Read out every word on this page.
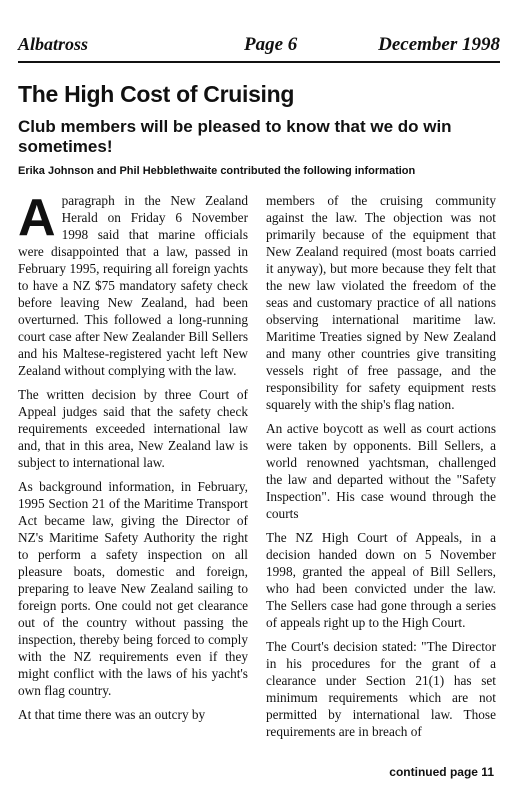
Albatross	Page 6	December 1998
The High Cost of Cruising
Club members will be pleased to know that we do win sometimes!
Erika Johnson and Phil Hebblethwaite contributed the following information

Aparagraph in the New Zealand Herald on Friday 6 November 1998 said that marine officials were disappointed that a law, passed in February 1995, requiring all foreign yachts to have a NZ $75 mandatory safety check before leaving New Zealand, had been overturned. This followed a long-running court case after New Zealander Bill Sellers and his Maltese-registered yacht left New Zealand without complying with the law.

The written decision by three Court of Appeal judges said that the safety check requirements exceeded international law and, that in this area, New Zealand law is subject to international law.

As background information, in February, 1995 Section 21 of the Maritime Transport Act became law, giving the Director of NZ's Maritime Safety Authority the right to perform a safety inspection on all pleasure boats, domestic and foreign, preparing to leave New Zealand sailing to foreign ports. One could not get clearance out of the country without passing the inspection, thereby being forced to comply with the NZ requirements even if they might conflict with the laws of his yacht's own flag country.

At that time there was an outcry by

members of the cruising community against the law. The objection was not primarily because of the equipment that New Zealand required (most boats carried it anyway), but more because they felt that the new law violated the freedom of the seas and customary practice of all nations observing international maritime law. Maritime Treaties signed by New Zealand and many other countries give transiting vessels right of free passage, and the responsibility for safety equipment rests squarely with the ship's flag nation.

An active boycott as well as court actions were taken by opponents. Bill Sellers, a world renowned yachtsman, challenged the law and departed without the "Safety Inspection". His case wound through the courts

The NZ High Court of Appeals, in a decision handed down on 5 November 1998, granted the appeal of Bill Sellers, who had been convicted under the law. The Sellers case had gone through a series of appeals right up to the High Court.

The Court's decision stated: "The Director in his procedures for the grant of a clearance under Section 21(1) has set minimum requirements which are not permitted by international law. Those requirements are in breach of

continued page 11
